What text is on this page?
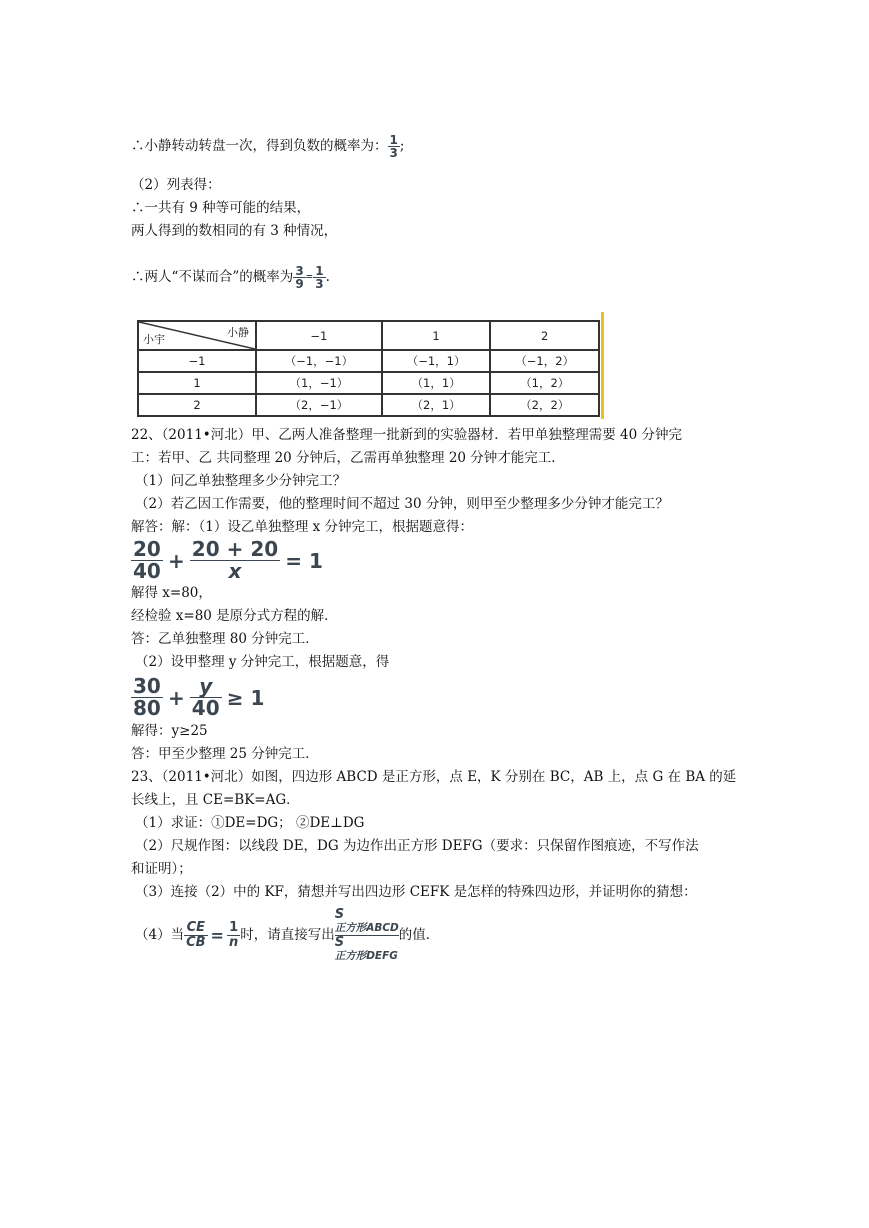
∴小静转动转盘一次，得到负数的概率为： $\frac{1}{3}$ ;
（2）列表得：
∴一共有 9 种等可能的结果，
两人得到的数相同的有 3 种情况，
∴两人“不谋而合”的概率为 $\frac{3}{9} = \frac{1}{3}$ .
小静
小宇	−1	1	2
−1	（−1，−1）	（−1，1）	（−1，2）
1	（1，−1）	（1，1）	（1，2）
2	（2，−1）	（2，1）	（2，2）
22、（2011•河北）甲、乙两人准备整理一批新到的实验器材．若甲单独整理需要 40 分钟完
工：若甲、乙 共同整理 20 分钟后，乙需再单独整理 20 分钟才能完工．
（1）问乙单独整理多少分钟完工？
（2）若乙因工作需要，他的整理时间不超过 30 分钟，则甲至少整理多少分钟才能完工？
解答：解：（1）设乙单独整理 x 分钟完工，根据题意得：
$\frac{20}{40} + \frac{20 + 20}{x} = 1$
解得 x=80，
经检验 x=80 是原分式方程的解．
答：乙单独整理 80 分钟完工．
（2）设甲整理 y 分钟完工，根据题意，得
$\frac{30}{80} + \frac{y}{40} \ge 1$
解得：y≥25
答：甲至少整理 25 分钟完工．
23、（2011•河北）如图，四边形 ABCD 是正方形，点 E，K 分别在 BC，AB 上，点 G 在 BA 的延
长线上，且 CE=BK=AG．
（1）求证：①DE=DG； ②DE⊥DG
（2）尺规作图：以线段 DE，DG 为边作出正方形 DEFG（要求：只保留作图痕迹，不写作法
和证明）；
（3）连接（2）中的 KF，猜想并写出四边形 CEFK 是怎样的特殊四边形，并证明你的猜想：
（4）当 $\frac{CE}{CB} = \frac{1}{n}$ 时，请直接写出
S
正方形ABCD
S
正方形DEFG
的值．
